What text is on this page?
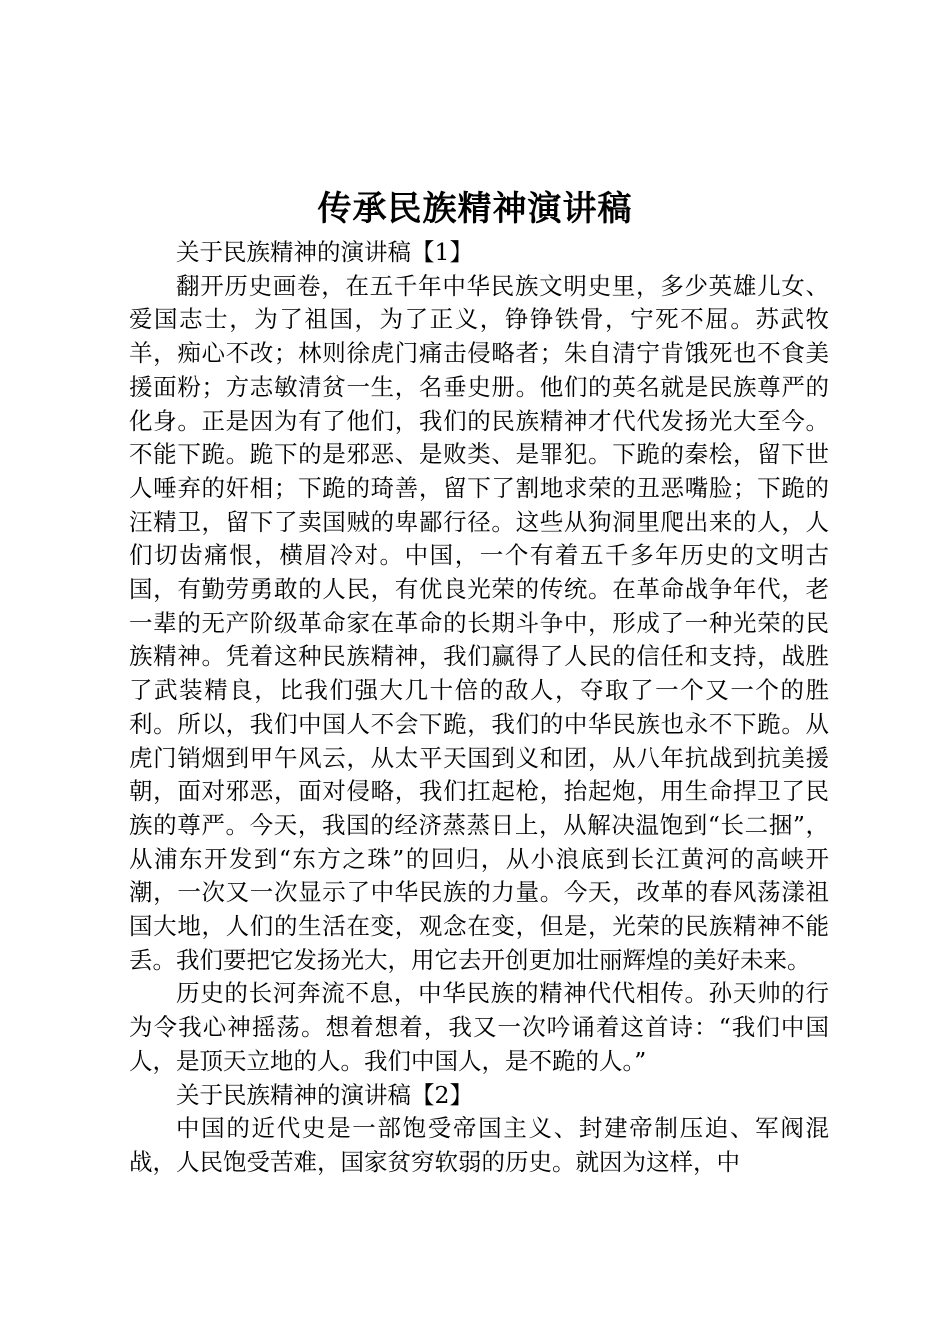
传承民族精神演讲稿

关于民族精神的演讲稿【1】

翻开历史画卷，在五千年中华民族文明史里，多少英雄儿女、爱国志士，为了祖国，为了正义，铮铮铁骨，宁死不屈。苏武牧羊，痴心不改；林则徐虎门痛击侵略者；朱自清宁肯饿死也不食美援面粉；方志敏清贫一生，名垂史册。他们的英名就是民族尊严的化身。正是因为有了他们，我们的民族精神才代代发扬光大至今。不能下跪。跪下的是邪恶、是败类、是罪犯。下跪的秦桧，留下世人唾弃的奸相；下跪的琦善，留下了割地求荣的丑恶嘴脸；下跪的汪精卫，留下了卖国贼的卑鄙行径。这些从狗洞里爬出来的人，人们切齿痛恨，横眉冷对。中国，一个有着五千多年历史的文明古国，有勤劳勇敢的人民，有优良光荣的传统。在革命战争年代，老一辈的无产阶级革命家在革命的长期斗争中，形成了一种光荣的民族精神。凭着这种民族精神，我们赢得了人民的信任和支持，战胜了武装精良，比我们强大几十倍的敌人，夺取了一个又一个的胜利。所以，我们中国人不会下跪，我们的中华民族也永不下跪。从虎门销烟到甲午风云，从太平天国到义和团，从八年抗战到抗美援朝，面对邪恶，面对侵略，我们扛起枪，抬起炮，用生命捍卫了民族的尊严。今天，我国的经济蒸蒸日上，从解决温饱到“长二捆”，从浦东开发到“东方之珠”的回归，从小浪底到长江黄河的高峡开潮，一次又一次显示了中华民族的力量。今天，改革的春风荡漾祖国大地，人们的生活在变，观念在变，但是，光荣的民族精神不能丢。我们要把它发扬光大，用它去开创更加壮丽辉煌的美好未来。

历史的长河奔流不息，中华民族的精神代代相传。孙天帅的行为令我心神摇荡。想着想着，我又一次吟诵着这首诗：“我们中国人，是顶天立地的人。我们中国人，是不跪的人。”

关于民族精神的演讲稿【2】

中国的近代史是一部饱受帝国主义、封建帝制压迫、军阀混战，人民饱受苦难，国家贫穷软弱的历史。就因为这样，中
